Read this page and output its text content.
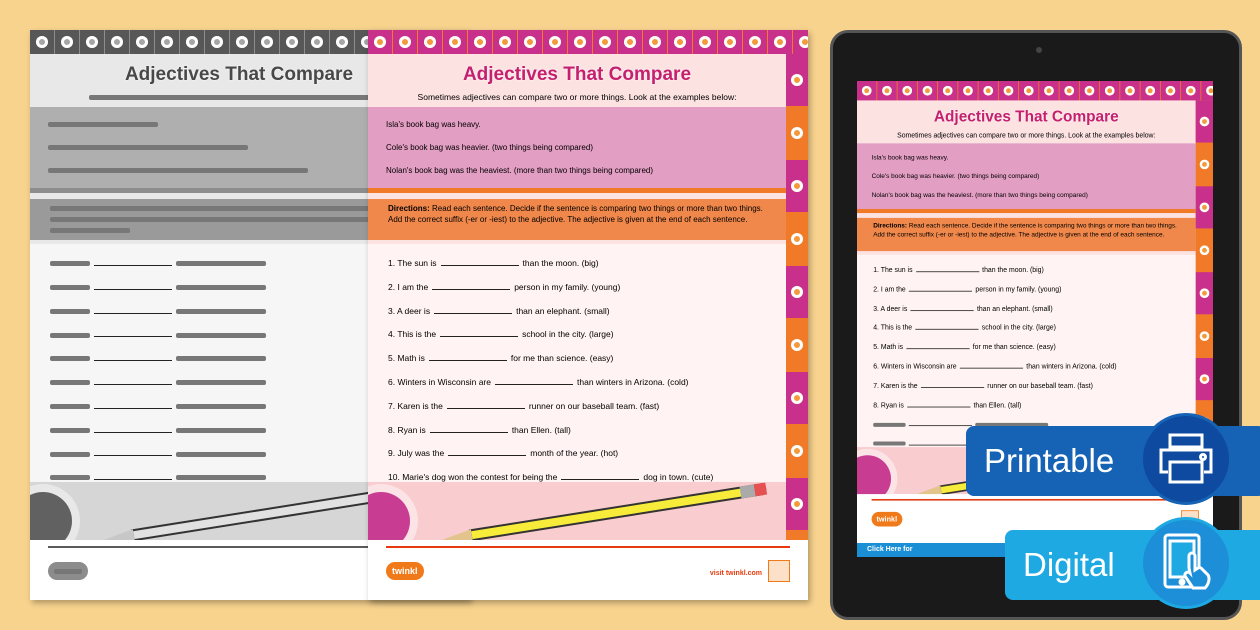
Adjectives That Compare	Adjectives That Compare
Sometimes adjectives can compare two or more things. Look at the examples below:

Isla's book bag was heavy.

Cole's book bag was heavier. (two things being compared)

Nolan's book bag was the heaviest. (more than two things being compared)

Directions: Read each sentence. Decide if the sentence is comparing two things or more than two things. Add the correct suffix (-er or -iest) to the adjective. The adjective is given at the end of each sentence.
1. The sun is	than the moon. (big)
2. I am the	person in my family. (young)
3. A deer is	than an elephant. (small)
4. This is the	school in the city. (large)
5. Math is	for me than science. (easy)
6. Winters in Wisconsin are	than winters in Arizona. (cold)
7. Karen is the	runner on our baseball team. (fast)
8. Ryan is	than Ellen. (tall)
9. July was the	month of the year. (hot)
10. Marie's dog won the contest for being the	dog in town. (cute)
twinkl	visit twinkl.com
Adjectives That Compare
Sometimes adjectives can compare two or more things. Look at the examples below:

Isla's book bag was heavy.

Cole's book bag was heavier. (two things being compared)

Nolan's book bag was the heaviest. (more than two things being compared)

Directions: Read each sentence. Decide if the sentence is comparing two things or more than two things. Add the correct suffix (-er or -iest) to the adjective. The adjective is given at the end of each sentence.
1. The sun is	than the moon. (big)
2. I am the	person in my family. (young)
3. A deer is	than an elephant. (small)
4. This is the	school in the city. (large)
5. Math is	for me than science. (easy)
6. Winters in Wisconsin are	than winters in Arizona. (cold)
7. Karen is the	runner on our baseball team. (fast)
8. Ryan is	than Ellen. (tall)
twinkl
Click Here for
Printable
Digital
